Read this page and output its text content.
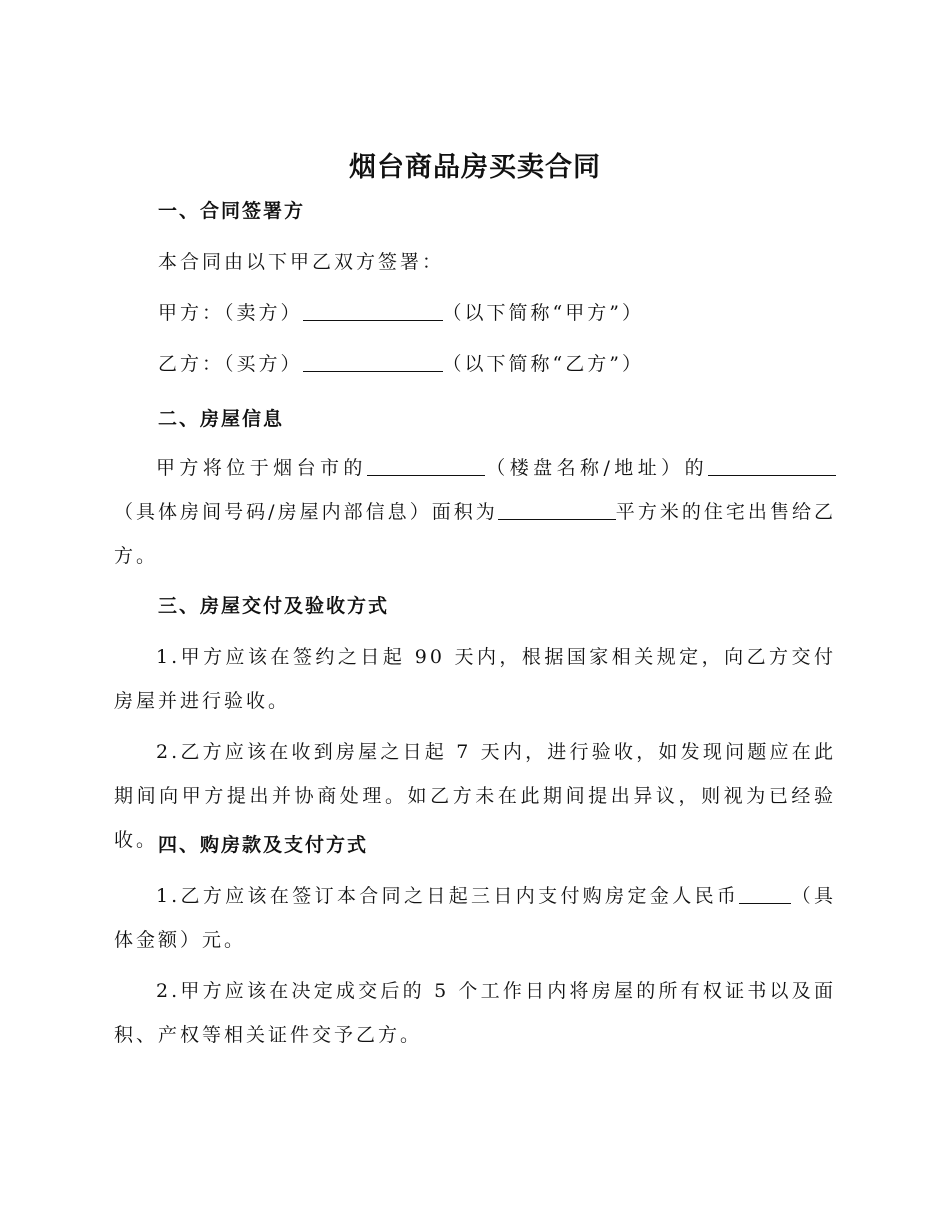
烟台商品房买卖合同
一、合同签署方
本合同由以下甲乙双方签署：
甲方：（卖方）	（以下简称“甲方”）
乙方：（买方）	（以下简称“乙方”）
二、房屋信息
甲方将位于烟台市的	（楼盘名称/地址）的（具体房间号码/房屋内部信息）面积为	平方米的住宅出售给乙方。
三、房屋交付及验收方式
1.甲方应该在签约之日起 90 天内，根据国家相关规定，向乙方交付房屋并进行验收。
2.乙方应该在收到房屋之日起 7 天内，进行验收，如发现问题应在此期间向甲方提出并协商处理。如乙方未在此期间提出异议，则视为已经验收。 四、购房款及支付方式
1.乙方应该在签订本合同之日起三日内支付购房定金人民币	（具体金额）元。
2.甲方应该在决定成交后的 5 个工作日内将房屋的所有权证书以及面积、产权等相关证件交予乙方。
